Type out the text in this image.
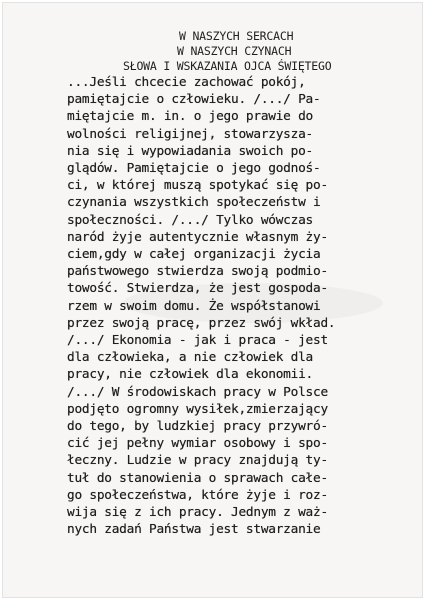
W NASZYCH SERCACH

W NASZYCH CZYNACH

SŁOWA I WSKAZANIA OJCA ŚWIĘTEGO

...Jeśli chcecie zachować pokój,
pamiętajcie o człowieku. /.../ Pa-
miętajcie m. in. o jego prawie do
wolności religijnej, stowarzysza-
nia się i wypowiadania swoich po-
glądów. Pamiętajcie o jego godnoś-
ci, w której muszą spotykać się po-
czynania wszystkich społeczeństw i
społeczności. /.../ Tylko wówczas
naród żyje autentycznie własnym ży-
ciem,gdy w całej organizacji życia
państwowego stwierdza swoją podmio-
towość. Stwierdza, że jest gospoda-
rzem w swoim domu. Że współstanowi
przez swoją pracę, przez swój wkład.
/.../ Ekonomia - jak i praca - jest
dla człowieka, a nie człowiek dla
pracy, nie człowiek dla ekonomii.
/.../ W środowiskach pracy w Polsce
podjęto ogromny wysiłek,zmierzający
do tego, by ludzkiej pracy przywró-
cić jej pełny wymiar osobowy i spo-
łeczny. Ludzie w pracy znajdują ty-
tuł do stanowienia o sprawach całe-
go społeczeństwa, które żyje i roz-
wija się z ich pracy. Jednym z waż-
nych zadań Państwa jest stwarzanie
